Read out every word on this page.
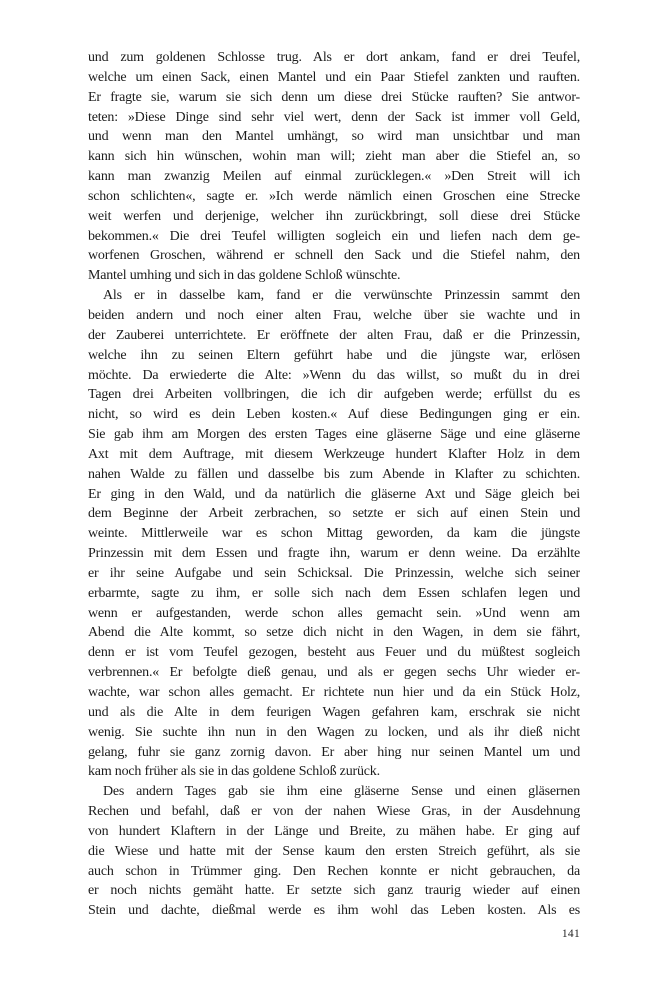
und zum goldenen Schlosse trug. Als er dort ankam, fand er drei Teufel,
welche um einen Sack, einen Mantel und ein Paar Stiefel zankten und rauften.
Er fragte sie, warum sie sich denn um diese drei Stücke rauften? Sie antwor-
teten: »Diese Dinge sind sehr viel wert, denn der Sack ist immer voll Geld,
und wenn man den Mantel umhängt, so wird man unsichtbar und man
kann sich hin wünschen, wohin man will; zieht man aber die Stiefel an, so
kann man zwanzig Meilen auf einmal zurücklegen.« »Den Streit will ich
schon schlichten«, sagte er. »Ich werde nämlich einen Groschen eine Strecke
weit werfen und derjenige, welcher ihn zurückbringt, soll diese drei Stücke
bekommen.« Die drei Teufel willigten sogleich ein und liefen nach dem ge-
worfenen Groschen, während er schnell den Sack und die Stiefel nahm, den
Mantel umhing und sich in das goldene Schloß wünschte.
Als er in dasselbe kam, fand er die verwünschte Prinzessin sammt den
beiden andern und noch einer alten Frau, welche über sie wachte und in
der Zauberei unterrichtete. Er eröffnete der alten Frau, daß er die Prinzessin,
welche ihn zu seinen Eltern geführt habe und die jüngste war, erlösen
möchte. Da erwiederte die Alte: »Wenn du das willst, so mußt du in drei
Tagen drei Arbeiten vollbringen, die ich dir aufgeben werde; erfüllst du es
nicht, so wird es dein Leben kosten.« Auf diese Bedingungen ging er ein.
Sie gab ihm am Morgen des ersten Tages eine gläserne Säge und eine gläserne
Axt mit dem Auftrage, mit diesem Werkzeuge hundert Klafter Holz in dem
nahen Walde zu fällen und dasselbe bis zum Abende in Klafter zu schichten.
Er ging in den Wald, und da natürlich die gläserne Axt und Säge gleich bei
dem Beginne der Arbeit zerbrachen, so setzte er sich auf einen Stein und
weinte. Mittlerweile war es schon Mittag geworden, da kam die jüngste
Prinzessin mit dem Essen und fragte ihn, warum er denn weine. Da erzählte
er ihr seine Aufgabe und sein Schicksal. Die Prinzessin, welche sich seiner
erbarmte, sagte zu ihm, er solle sich nach dem Essen schlafen legen und
wenn er aufgestanden, werde schon alles gemacht sein. »Und wenn am
Abend die Alte kommt, so setze dich nicht in den Wagen, in dem sie fährt,
denn er ist vom Teufel gezogen, besteht aus Feuer und du müßtest sogleich
verbrennen.« Er befolgte dieß genau, und als er gegen sechs Uhr wieder er-
wachte, war schon alles gemacht. Er richtete nun hier und da ein Stück Holz,
und als die Alte in dem feurigen Wagen gefahren kam, erschrak sie nicht
wenig. Sie suchte ihn nun in den Wagen zu locken, und als ihr dieß nicht
gelang, fuhr sie ganz zornig davon. Er aber hing nur seinen Mantel um und
kam noch früher als sie in das goldene Schloß zurück.
Des andern Tages gab sie ihm eine gläserne Sense und einen gläsernen
Rechen und befahl, daß er von der nahen Wiese Gras, in der Ausdehnung
von hundert Klaftern in der Länge und Breite, zu mähen habe. Er ging auf
die Wiese und hatte mit der Sense kaum den ersten Streich geführt, als sie
auch schon in Trümmer ging. Den Rechen konnte er nicht gebrauchen, da
er noch nichts gemäht hatte. Er setzte sich ganz traurig wieder auf einen
Stein und dachte, dießmal werde es ihm wohl das Leben kosten. Als es
141
